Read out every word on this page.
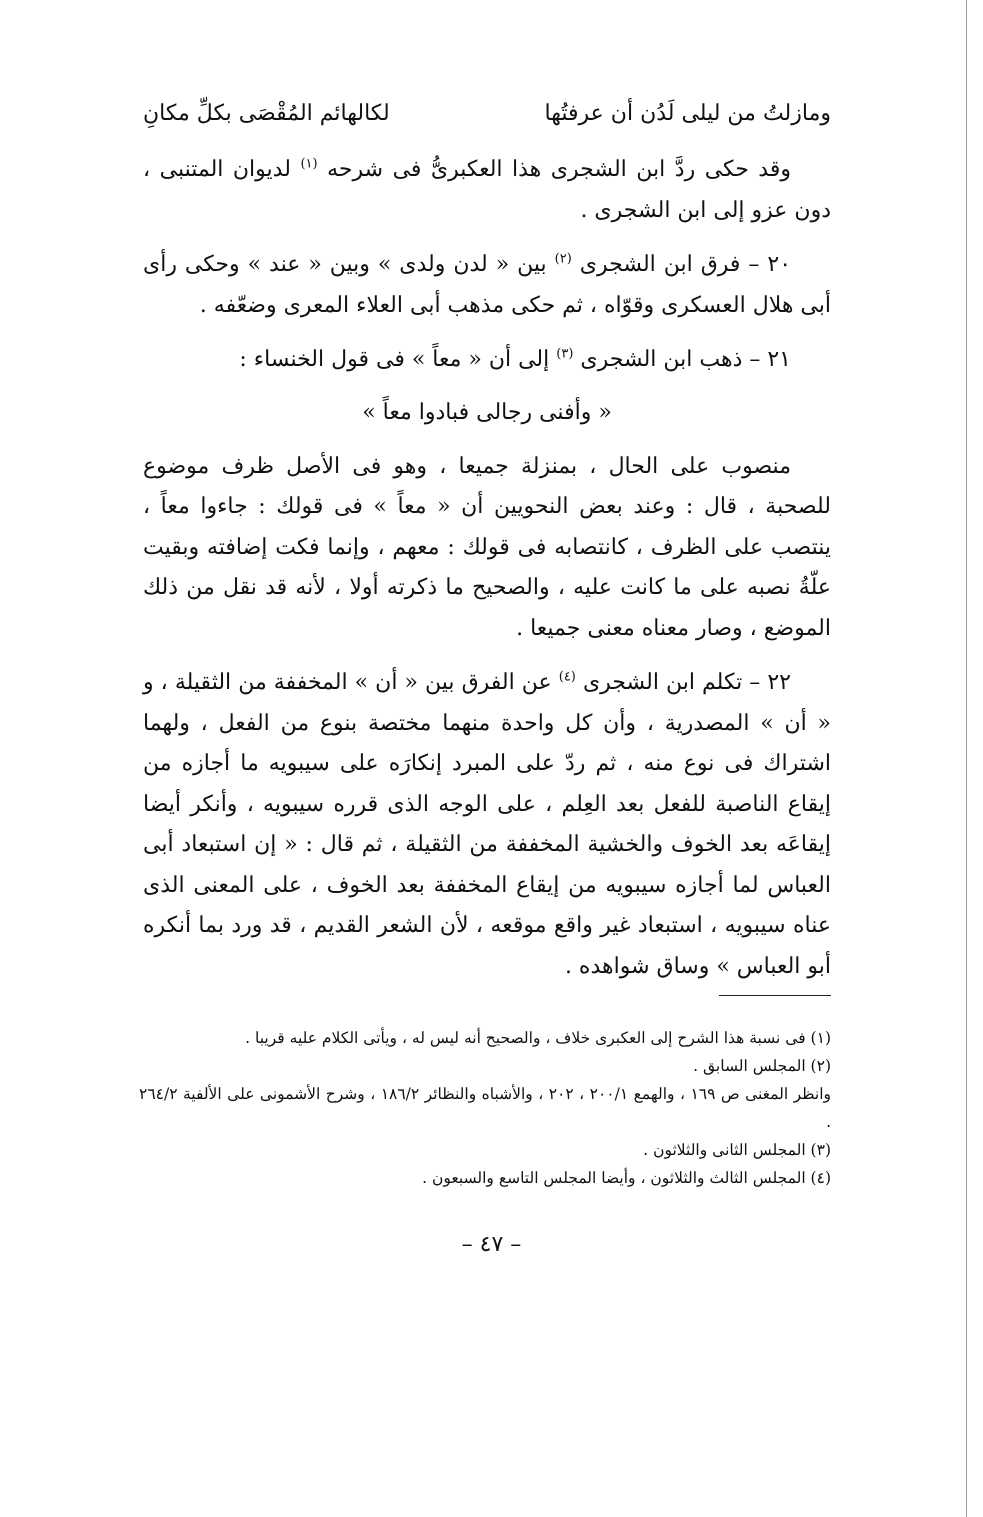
ومازلتُ من ليلى لَدُن أن عرفتُها
لكالهائم المُقْصَى بكلِّ مكانِ

وقد حكى ردَّ ابن الشجرى هذا العكبرىُّ فى شرحه $^{(١)}$ لديوان المتنبى ، دون عزو إلى ابن الشجرى .

٢٠ – فرق ابن الشجرى $^{(٢)}$ بين « لدن ولدى » وبين « عند » وحكى رأى أبى هلال العسكرى وقوّاه ، ثم حكى مذهب أبى العلاء المعرى وضعّفه .

٢١ – ذهب ابن الشجرى $^{(٣)}$ إلى أن « معاً » فى قول الخنساء :

« وأفنى رجالى فبادوا معاً »

منصوب على الحال ، بمنزلة جميعا ، وهو فى الأصل ظرف موضوع للصحبة ، قال : وعند بعض النحويين أن « معاً » فى قولك : جاءوا معاً ، ينتصب على الظرف ، كانتصابه فى قولك : معهم ، وإنما فكت إضافته وبقيت علّةُ نصبه على ما كانت عليه ، والصحيح ما ذكرته أولا ، لأنه قد نقل من ذلك الموضع ، وصار معناه معنى جميعا .

٢٢ – تكلم ابن الشجرى $^{(٤)}$ عن الفرق بين « أن » المخففة من الثقيلة ، و « أن » المصدرية ، وأن كل واحدة منهما مختصة بنوع من الفعل ، ولهما اشتراك فى نوع منه ، ثم ردّ على المبرد إنكارَه على سيبويه ما أجازه من إيقاع الناصبة للفعل بعد العِلم ، على الوجه الذى قرره سيبويه ، وأنكر أيضا إيقاعَه بعد الخوف والخشية المخففة من الثقيلة ، ثم قال : « إن استبعاد أبى العباس لما أجازه سيبويه من إيقاع المخففة بعد الخوف ، على المعنى الذى عناه سيبويه ، استبعاد غير واقع موقعه ، لأن الشعر القديم ، قد ورد بما أنكره أبو العباس » وساق شواهده .

(١) فى نسبة هذا الشرح إلى العكبرى خلاف ، والصحيح أنه ليس له ، ويأتى الكلام عليه قريبا .

(٢) المجلس السابق .

وانظر المغنى ص ١٦٩ ، والهمع ٢٠٠/١ ، ٢٠٢ ، والأشباه والنظائر ١٨٦/٢ ، وشرح الأشمونى على الألفية ٢٦٤/٢ .

(٣) المجلس الثانى والثلاثون .

(٤) المجلس الثالث والثلاثون ، وأيضا المجلس التاسع والسبعون .

– ٤٧ –
